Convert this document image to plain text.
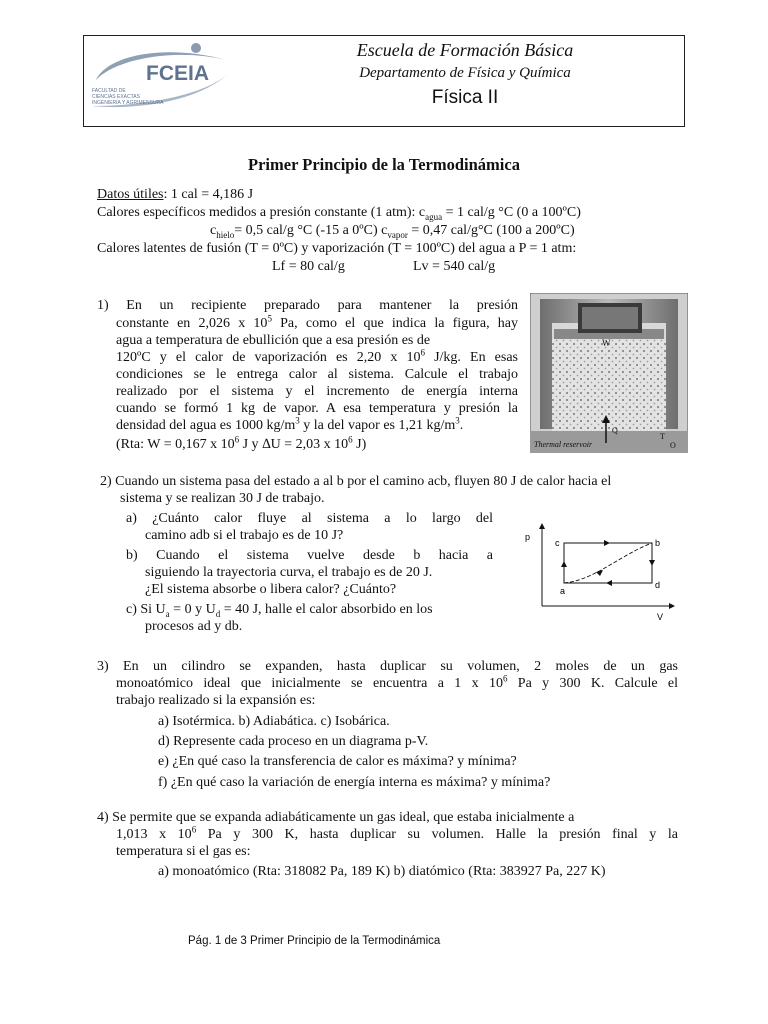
FCEIA
FACULTAD DE
CIENCIAS EXACTAS
INGENIERÍA Y AGRIMENSURA
Escuela de Formación Básica
Departamento de Física y Química
Física II
Primer Principio de la Termodinámica
Datos útiles: 1 cal = 4,186 J
Calores específicos medidos a presión constante (1 atm): $c_{agua} = 1$ cal/g °C (0 a 100ºC)
$c_{hielo}= 0,5$ cal/g °C (-15 a 0ºC) $c_{vapor} = 0,47$ cal/g°C (100 a 200ºC)
Calores latentes de fusión (T = 0ºC) y vaporización (T = 100ºC) del agua a P = 1 atm:
Lf = 80 cal/g	Lv = 540 cal/g
1) En un recipiente preparado para mantener la presión
constante en 2,026 x $10^5$ Pa, como el que indica la figura, hay
agua a temperatura de ebullición que a esa presión es de
120ºC y el calor de vaporización es 2,20 x $10^6$ J/kg. En esas
condiciones se le entrega calor al sistema. Calcule el trabajo
realizado por el sistema y el incremento de energía interna
cuando se formó 1 kg de vapor. A esa temperatura y presión la
densidad del agua es 1000 $kg/m^3$ y la del vapor es 1,21 $kg/m^3$.
(Rta: W = 0,167 x $10^6$ J y ∆U = 2,03 x $10^6$ J)
W
Q
T
O
Thermal reservoir
2) Cuando un sistema pasa del estado a al b por el camino acb, fluyen 80 J de calor hacia el
sistema y se realizan 30 J de trabajo.
a) ¿Cuánto calor fluye al sistema a lo largo del
camino adb si el trabajo es de 10 J?
b) Cuando el sistema vuelve desde b hacia a
siguiendo la trayectoria curva, el trabajo es de 20 J.
¿El sistema absorbe o libera calor? ¿Cuánto?
c) Si $U_a = 0$ y $U_d = 40$ J, halle el calor absorbido en los
procesos ad y db.
p
V
c	b
a
d
3) En un cilindro se expanden, hasta duplicar su volumen, 2 moles de un gas
monoatómico ideal que inicialmente se encuentra a 1 x $10^6$ Pa y 300 K. Calcule el
trabajo realizado si la expansión es:
a) Isotérmica. b) Adiabática. c) Isobárica.
d) Represente cada proceso en un diagrama p-V.
e) ¿En qué caso la transferencia de calor es máxima? y mínima?
f) ¿En qué caso la variación de energía interna es máxima? y mínima?
4) Se permite que se expanda adiabáticamente un gas ideal, que estaba inicialmente a
1,013 x $10^6$ Pa y 300 K, hasta duplicar su volumen. Halle la presión final y la
temperatura si el gas es:
a) monoatómico (Rta: 318082 Pa, 189 K) b) diatómico (Rta: 383927 Pa, 227 K)
Pág. 1 de 3 Primer Principio de la Termodinámica
